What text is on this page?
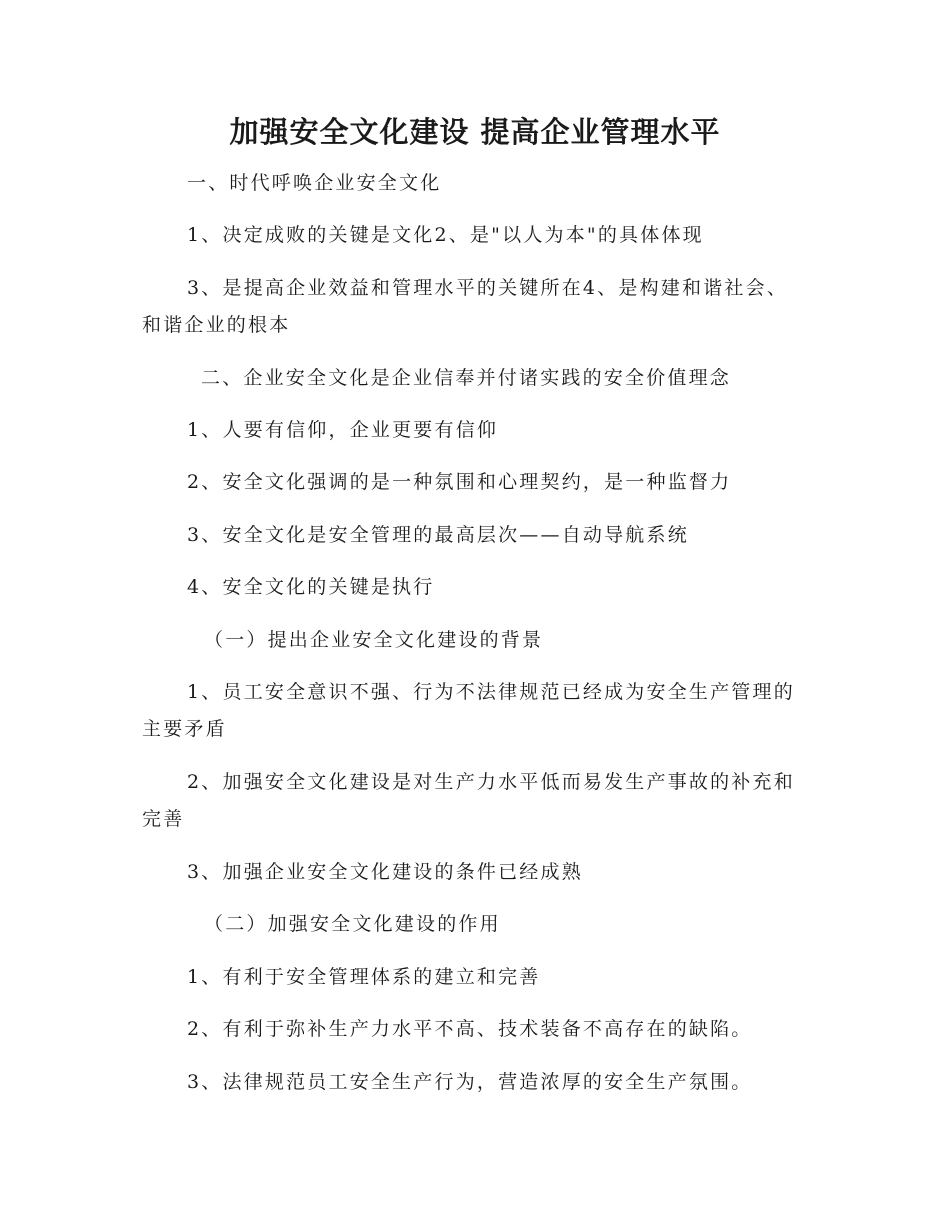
加强安全文化建设 提高企业管理水平
一、时代呼唤企业安全文化
1、决定成败的关键是文化2、是"以人为本"的具体体现
3、是提高企业效益和管理水平的关键所在4、是构建和谐社会、
和谐企业的根本
二、企业安全文化是企业信奉并付诸实践的安全价值理念
1、人要有信仰，企业更要有信仰
2、安全文化强调的是一种氛围和心理契约，是一种监督力
3、安全文化是安全管理的最高层次——自动导航系统
4、安全文化的关键是执行
（一）提出企业安全文化建设的背景
1、员工安全意识不强、行为不法律规范已经成为安全生产管理的
主要矛盾
2、加强安全文化建设是对生产力水平低而易发生产事故的补充和
完善
3、加强企业安全文化建设的条件已经成熟
（二）加强安全文化建设的作用
1、有利于安全管理体系的建立和完善
2、有利于弥补生产力水平不高、技术装备不高存在的缺陷。
3、法律规范员工安全生产行为，营造浓厚的安全生产氛围。
